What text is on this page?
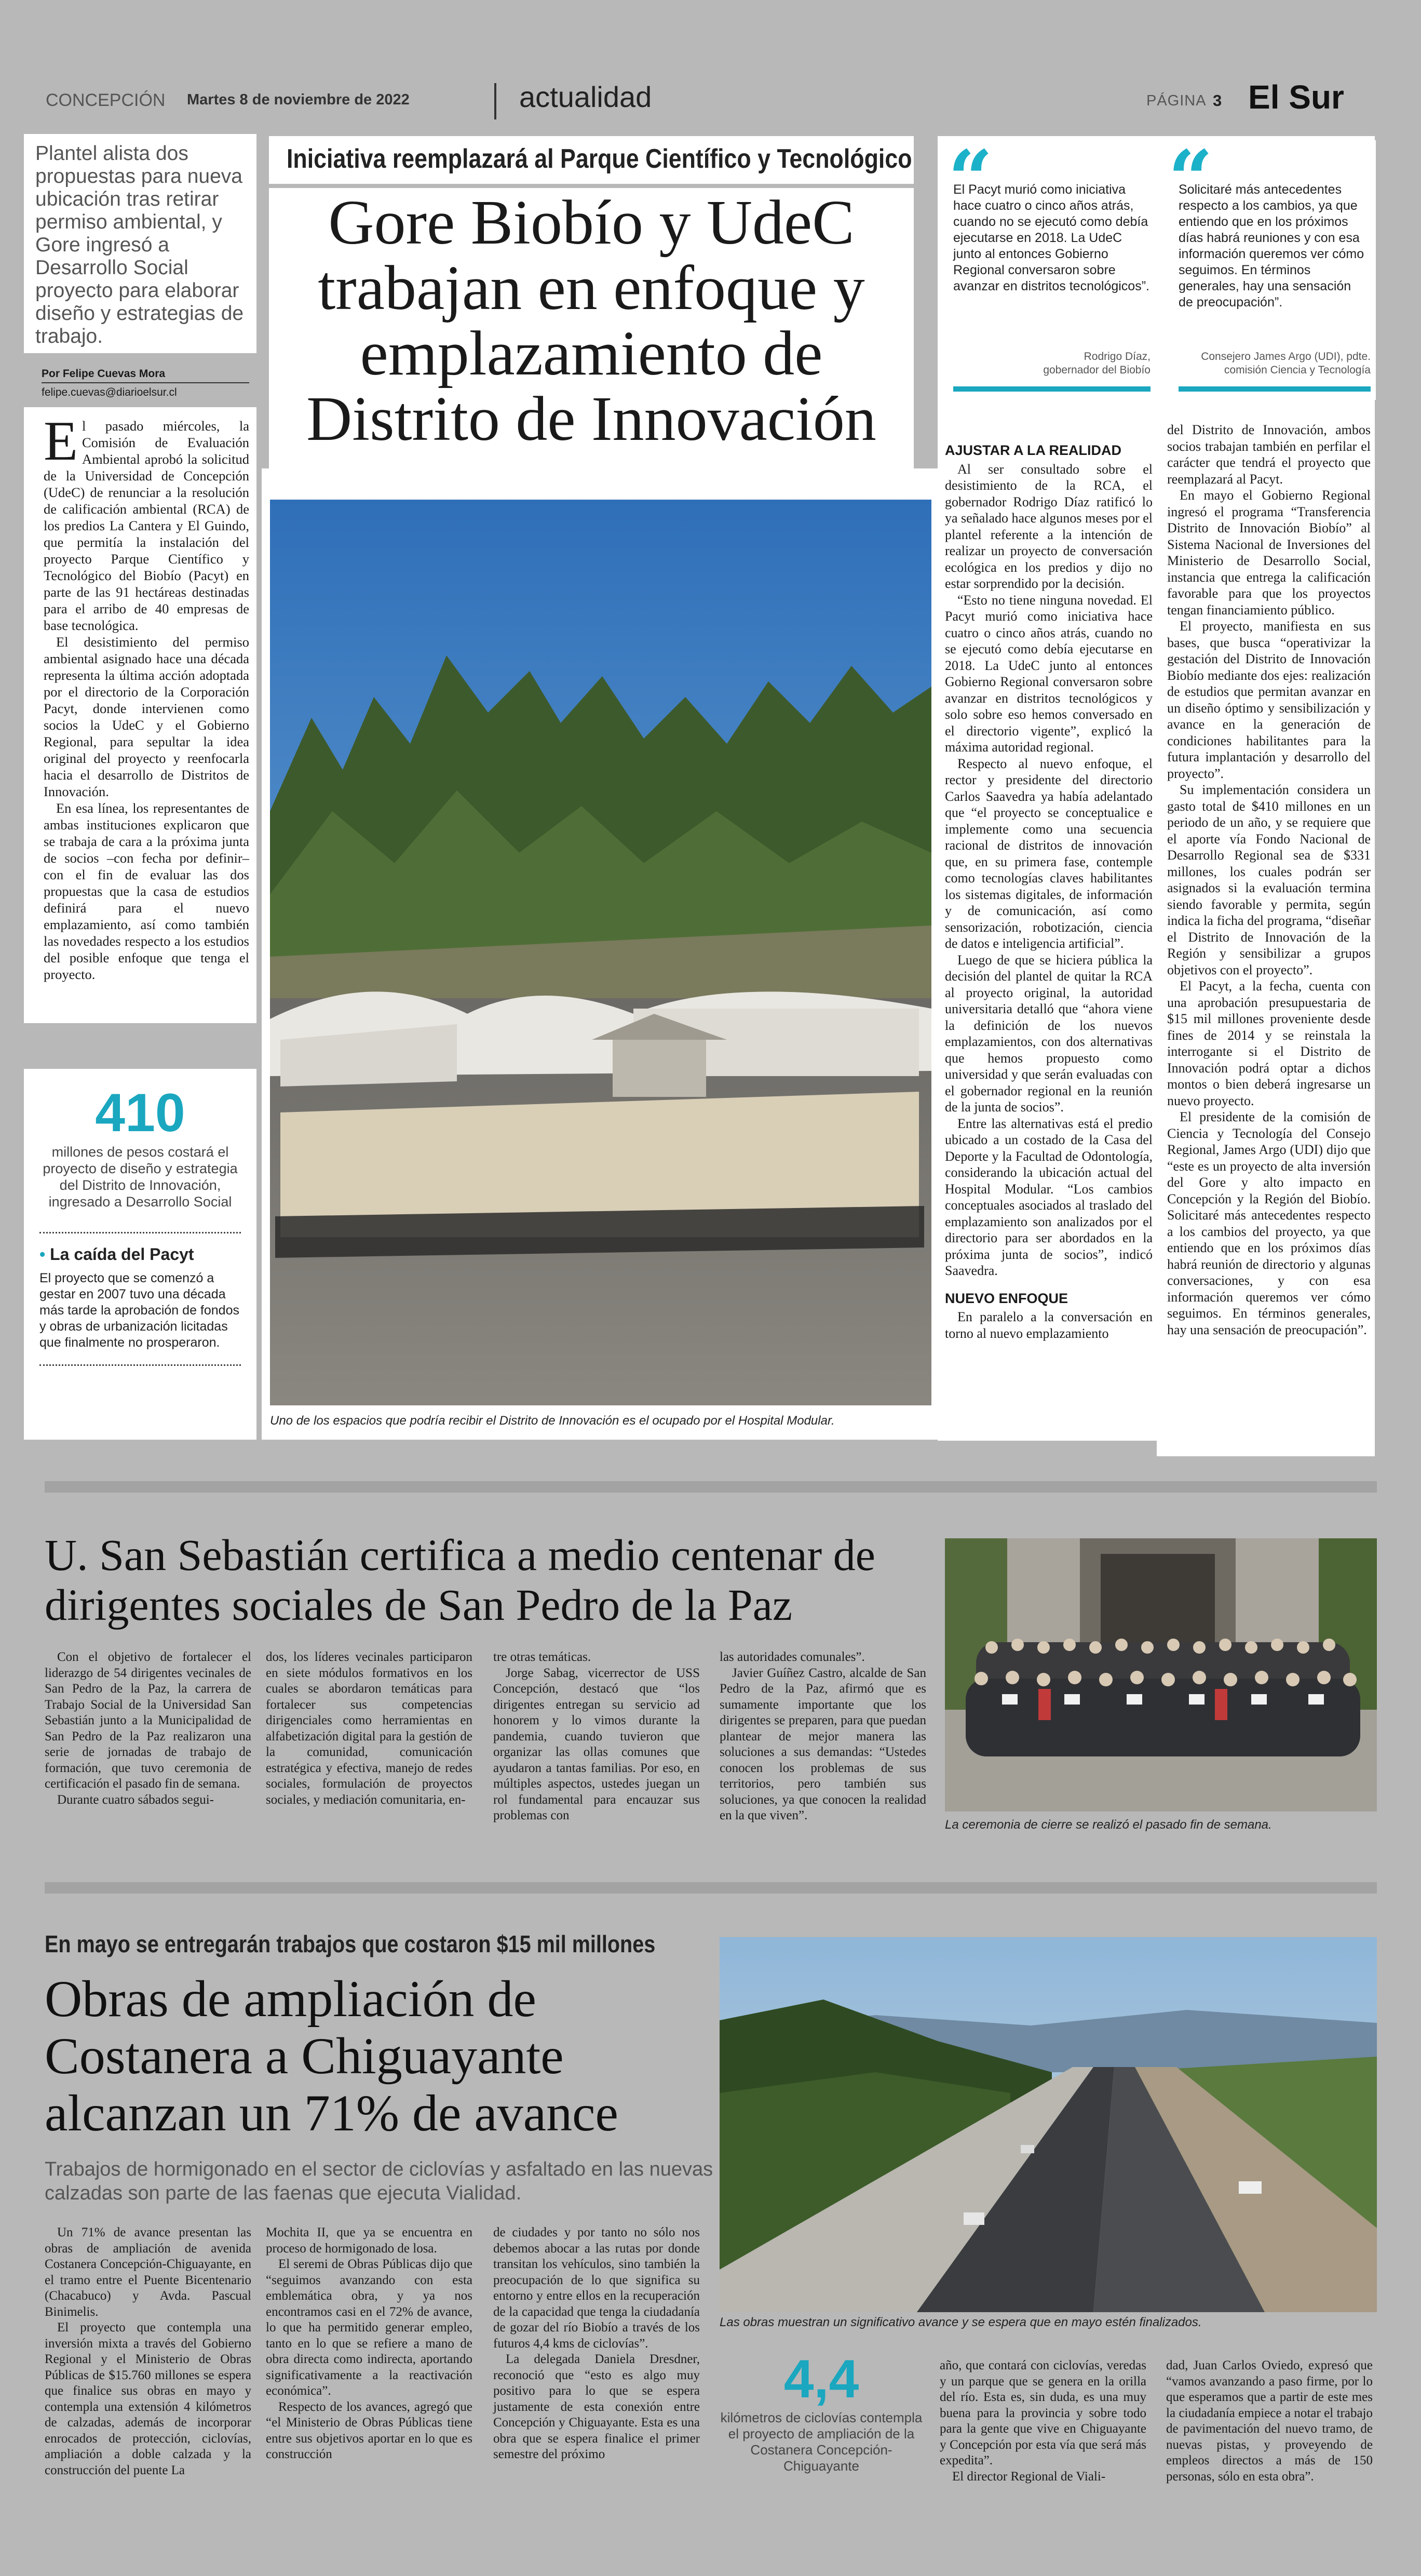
CONCEPCIÓN Martes 8 de noviembre de 2022	actualidad	PÁGINA 3 El Sur
Plantel alista dos propuestas para nueva ubicación tras retirar permiso ambiental, y Gore ingresó a Desarrollo Social proyecto para elaborar diseño y estrategias de trabajo.
Por Felipe Cuevas Mora
felipe.cuevas@diarioelsur.cl
Iniciativa reemplazará al Parque Científico y Tecnológico
Gore Biobío y UdeC trabajan en enfoque y emplazamiento de Distrito de Innovación

El pasado miércoles, la Comisión de Evaluación Ambiental aprobó la solicitud de la Universidad de Concepción (UdeC) de renunciar a la resolución de calificación ambiental (RCA) de los predios La Cantera y El Guindo, que permitía la instalación del proyecto Parque Científico y Tecnológico del Biobío (Pacyt) en parte de las 91 hectáreas destinadas para el arribo de 40 empresas de base tecnológica.

El desistimiento del permiso ambiental asignado hace una década representa la última acción adoptada por el directorio de la Corporación Pacyt, donde intervienen como socios la UdeC y el Gobierno Regional, para sepultar la idea original del proyecto y reenfocarla hacia el desarrollo de Distritos de Innovación.

En esa línea, los representantes de ambas instituciones explicaron que se trabaja de cara a la próxima junta de socios –con fecha por definir– con el fin de evaluar las dos propuestas que la casa de estudios definirá para el nuevo emplazamiento, así como también las novedades respecto a los estudios del posible enfoque que tenga el proyecto.

Uno de los espacios que podría recibir el Distrito de Innovación es el ocupado por el Hospital Modular.
410
millones de pesos costará el proyecto de diseño y estrategia del Distrito de Innovación, ingresado a Desarrollo Social
• La caída del Pacyt
El proyecto que se comenzó a gestar en 2007 tuvo una década más tarde la aprobación de fondos y obras de urbanización licitadas que finalmente no prosperaron.
“
El Pacyt murió como iniciativa hace cuatro o cinco años atrás, cuando no se ejecutó como debía ejecutarse en 2018. La UdeC junto al entonces Gobierno Regional conversaron sobre avanzar en distritos tecnológicos”.
Rodrigo Díaz,
gobernador del Biobío
“
Solicitaré más antecedentes respecto a los cambios, ya que entiendo que en los próximos días habrá reuniones y con esa información queremos ver cómo seguimos. En términos generales, hay una sensación de preocupación”.
Consejero James Argo (UDI), pdte.
comisión Ciencia y Tecnología
AJUSTAR A LA REALIDAD

Al ser consultado sobre el desistimiento de la RCA, el gobernador Rodrigo Díaz ratificó lo ya señalado hace algunos meses por el plantel referente a la intención de realizar un proyecto de conversación ecológica en los predios y dijo no estar sorprendido por la decisión.

“Esto no tiene ninguna novedad. El Pacyt murió como iniciativa hace cuatro o cinco años atrás, cuando no se ejecutó como debía ejecutarse en 2018. La UdeC junto al entonces Gobierno Regional conversaron sobre avanzar en distritos tecnológicos y solo sobre eso hemos conversado en el directorio vigente”, explicó la máxima autoridad regional.

Respecto al nuevo enfoque, el rector y presidente del directorio Carlos Saavedra ya había adelantado que “el proyecto se conceptualice e implemente como una secuencia racional de distritos de innovación que, en su primera fase, contemple como tecnologías claves habilitantes los sistemas digitales, de información y de comunicación, así como sensorización, robotización, ciencia de datos e inteligencia artificial”.

Luego de que se hiciera pública la decisión del plantel de quitar la RCA al proyecto original, la autoridad universitaria detalló que “ahora viene la definición de los nuevos emplazamientos, con dos alternativas que hemos propuesto como universidad y que serán evaluadas con el gobernador regional en la reunión de la junta de socios”.

Entre las alternativas está el predio ubicado a un costado de la Casa del Deporte y la Facultad de Odontología, considerando la ubicación actual del Hospital Modular. “Los cambios conceptuales asociados al traslado del emplazamiento son analizados por el directorio para ser abordados en la próxima junta de socios”, indicó Saavedra.

NUEVO ENFOQUE

En paralelo a la conversación en torno al nuevo emplazamiento

del Distrito de Innovación, ambos socios trabajan también en perfilar el carácter que tendrá el proyecto que reemplazará al Pacyt.

En mayo el Gobierno Regional ingresó el programa “Transferencia Distrito de Innovación Biobío” al Sistema Nacional de Inversiones del Ministerio de Desarrollo Social, instancia que entrega la calificación favorable para que los proyectos tengan financiamiento público.

El proyecto, manifiesta en sus bases, que busca “operativizar la gestación del Distrito de Innovación Biobío mediante dos ejes: realización de estudios que permitan avanzar en un diseño óptimo y sensibilización y avance en la generación de condiciones habilitantes para la futura implantación y desarrollo del proyecto”.

Su implementación considera un gasto total de $410 millones en un periodo de un año, y se requiere que el aporte vía Fondo Nacional de Desarrollo Regional sea de $331 millones, los cuales podrán ser asignados si la evaluación termina siendo favorable y permita, según indica la ficha del programa, “diseñar el Distrito de Innovación de la Región y sensibilizar a grupos objetivos con el proyecto”.

El Pacyt, a la fecha, cuenta con una aprobación presupuestaria de $15 mil millones proveniente desde fines de 2014 y se reinstala la interrogante si el Distrito de Innovación podrá optar a dichos montos o bien deberá ingresarse un nuevo proyecto.

El presidente de la comisión de Ciencia y Tecnología del Consejo Regional, James Argo (UDI) dijo que “este es un proyecto de alta inversión del Gore y alto impacto en Concepción y la Región del Biobío. Solicitaré más antecedentes respecto a los cambios del proyecto, ya que entiendo que en los próximos días habrá reunión de directorio y algunas conversaciones, y con esa información queremos ver cómo seguimos. En términos generales, hay una sensación de preocupación”.

U. San Sebastián certifica a medio centenar de dirigentes sociales de San Pedro de la Paz

Con el objetivo de fortalecer el liderazgo de 54 dirigentes vecinales de San Pedro de la Paz, la carrera de Trabajo Social de la Universidad San Sebastián junto a la Municipalidad de San Pedro de la Paz realizaron una serie de jornadas de trabajo de formación, que tuvo ceremonia de certificación el pasado fin de semana.

Durante cuatro sábados segui-

dos, los líderes vecinales participaron en siete módulos formativos en los cuales se abordaron temáticas para fortalecer sus competencias dirigenciales como herramientas en alfabetización digital para la gestión de la comunidad, comunicación estratégica y efectiva, manejo de redes sociales, formulación de proyectos sociales, y mediación comunitaria, en-

tre otras temáticas.

Jorge Sabag, vicerrector de USS Concepción, destacó que “los dirigentes entregan su servicio ad honorem y lo vimos durante la pandemia, cuando tuvieron que organizar las ollas comunes que ayudaron a tantas familias. Por eso, en múltiples aspectos, ustedes juegan un rol fundamental para encauzar sus problemas con

las autoridades comunales”.

Javier Guíñez Castro, alcalde de San Pedro de la Paz, afirmó que es sumamente importante que los dirigentes se preparen, para que puedan plantear de mejor manera las soluciones a sus demandas: “Ustedes conocen los problemas de sus territorios, pero también sus soluciones, ya que conocen la realidad en la que viven”.

La ceremonia de cierre se realizó el pasado fin de semana.
En mayo se entregarán trabajos que costaron $15 mil millones
Obras de ampliación de Costanera a Chiguayante alcanzan un 71% de avance
Trabajos de hormigonado en el sector de ciclovías y asfaltado en las nuevas calzadas son parte de las faenas que ejecuta Vialidad.

Un 71% de avance presentan las obras de ampliación de avenida Costanera Concepción-Chiguayante, en el tramo entre el Puente Bicentenario (Chacabuco) y Avda. Pascual Binimelis.

El proyecto que contempla una inversión mixta a través del Gobierno Regional y el Ministerio de Obras Públicas de $15.760 millones se espera que finalice sus obras en mayo y contempla una extensión 4 kilómetros de calzadas, además de incorporar enrocados de protección, ciclovías, ampliación a doble calzada y la construcción del puente La

Mochita II, que ya se encuentra en proceso de hormigonado de losa.

El seremi de Obras Públicas dijo que “seguimos avanzando con esta emblemática obra, y ya nos encontramos casi en el 72% de avance, lo que ha permitido generar empleo, tanto en lo que se refiere a mano de obra directa como indirecta, aportando significativamente a la reactivación económica”.

Respecto de los avances, agregó que “el Ministerio de Obras Públicas tiene entre sus objetivos aportar en lo que es construcción

de ciudades y por tanto no sólo nos debemos abocar a las rutas por donde transitan los vehículos, sino también la preocupación de lo que significa su entorno y entre ellos en la recuperación de la capacidad que tenga la ciudadanía de gozar del río Biobío a través de los futuros 4,4 kms de ciclovías”.

La delegada Daniela Dresdner, reconoció que “esto es algo muy positivo para lo que se espera justamente de esta conexión entre Concepción y Chiguayante. Esta es una obra que se espera finalice el primer semestre del próximo

Las obras muestran un significativo avance y se espera que en mayo estén finalizados.
4,4
kilómetros de ciclovías contempla el proyecto de ampliación de la Costanera Concepción-Chiguayante

año, que contará con ciclovías, veredas y un parque que se genera en la orilla del río. Esta es, sin duda, es una muy buena para la provincia y sobre todo para la gente que vive en Chiguayante y Concepción por esta vía que será más expedita”.

El director Regional de Viali-

dad, Juan Carlos Oviedo, expresó que “vamos avanzando a paso firme, por lo que esperamos que a partir de este mes la ciudadanía empiece a notar el trabajo de pavimentación del nuevo tramo, de nuevas pistas, y proveyendo de empleos directos a más de 150 personas, sólo en esta obra”.
